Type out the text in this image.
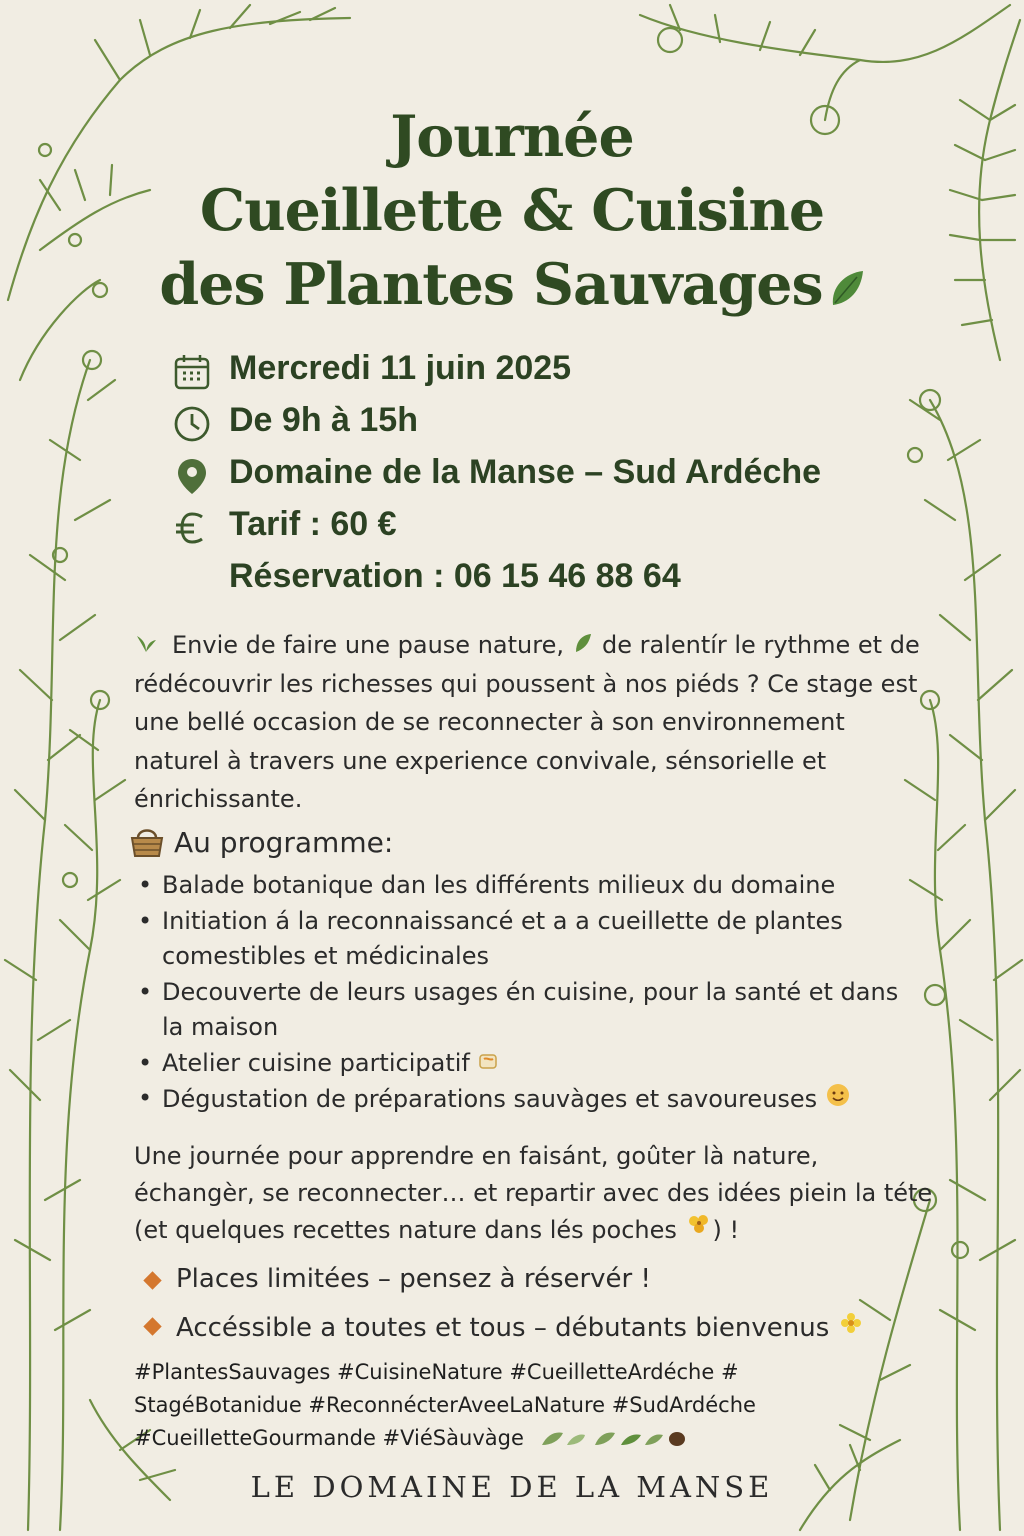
Journée
Cueillette & Cuisine
des Plantes Sauvages
Mercredi 11 juin 2025
De 9h à 15h
Domaine de la Manse – Sud Ardéche
Tarif : 60 €
Réservation : 06 15 46 88 64
Envie de faire une pause nature, de ralentír le rythme et de rédécouvrir les richesses qui poussent à nos piéds ? Ce stage est une bellé occasion de se reconnecter à son environnement naturel à travers une experience convivale, sénsorielle et énrichissante.
Au programme:
• Balade botanique dan les différents milieux du domaine
• Initiation á la reconnaissancé et a a cueillette de plantes comestibles et médicinales
• Decouverte de leurs usages én cuisine, pour la santé et dans la maison
• Atelier cuisine participatif
• Dégustation de préparations sauvàges et savoureuses
Une journée pour apprendre en faisánt, goûter là nature, échangèr, se reconnecter… et repartir avec des idées piein la téte (et quelques recettes nature dans lés poches ) !
Places limitées – pensez à réservér !
Accéssible a toutes et tous – débutants bienvenus
#PlantesSauvages #CuisineNature #CueilletteArdéche # StagéBotanidue #ReconnécterAveeLaNature #SudArdéche #CueilletteGourmande #ViéSàuvàge
LE DOMAINE DE LA MANSE
